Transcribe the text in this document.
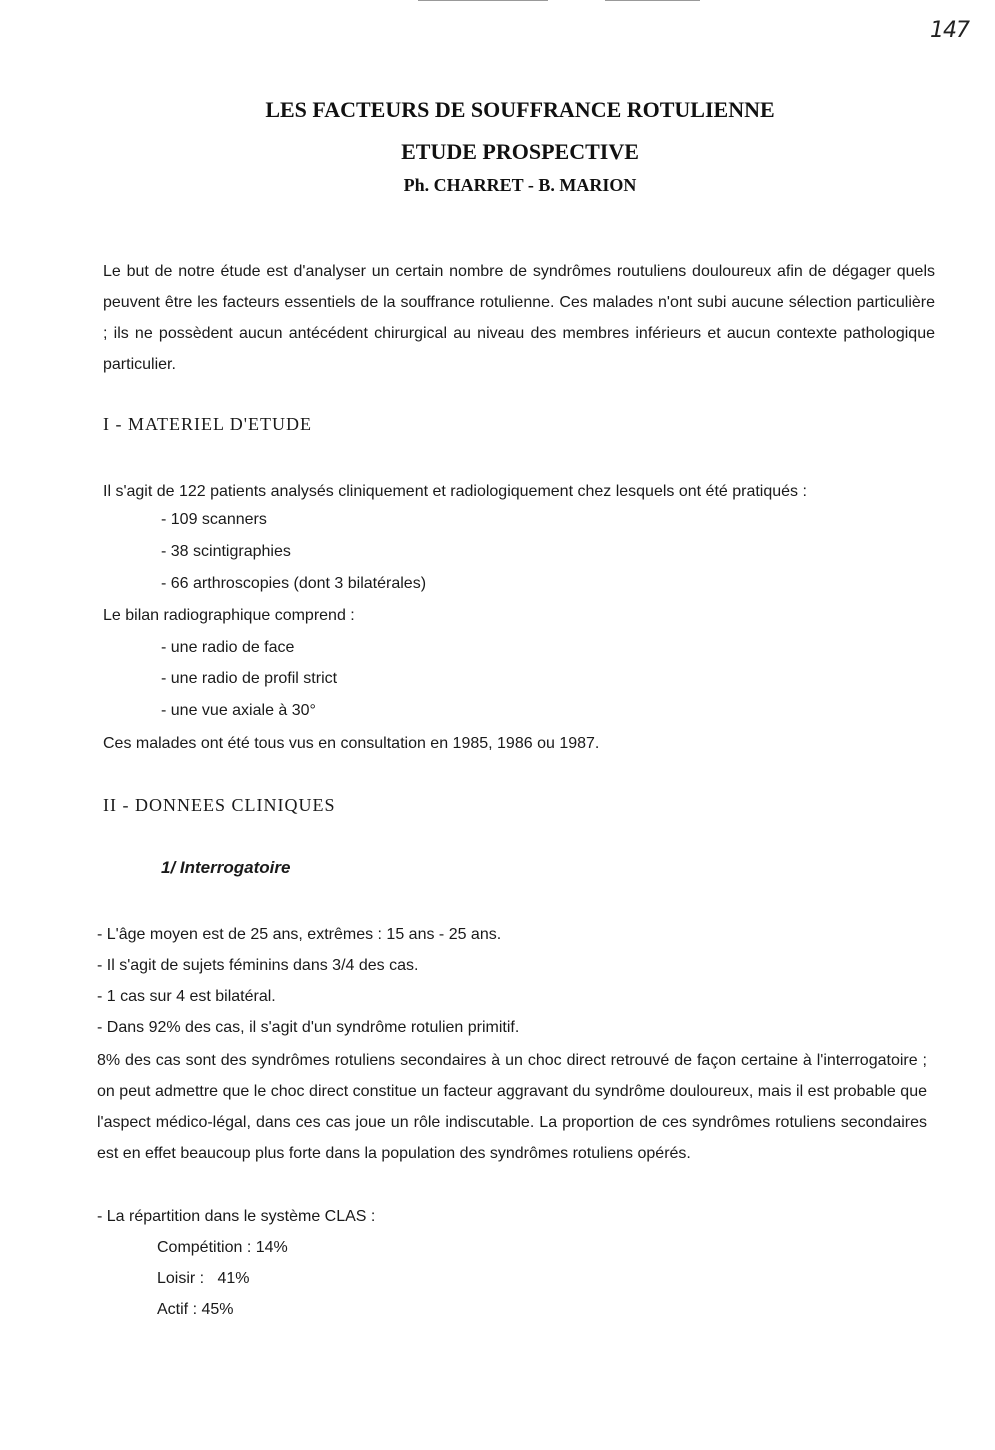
147
LES FACTEURS DE SOUFFRANCE ROTULIENNE
ETUDE PROSPECTIVE
Ph. CHARRET - B. MARION

Le but de notre étude est d'analyser un certain nombre de syndrômes routuliens douloureux afin de dégager quels peuvent être les facteurs essentiels de la souffrance rotulienne. Ces malades n'ont subi aucune sélection particulière ; ils ne possèdent aucun antécédent chirurgical au niveau des membres inférieurs et aucun contexte pathologique particulier.

I - MATERIEL D'ETUDE

Il s'agit de 122 patients analysés cliniquement et radiologiquement chez lesquels ont été pratiqués :

- 109 scanners
- 38 scintigraphies
- 66 arthroscopies (dont 3 bilatérales)

Le bilan radiographique comprend :

- une radio de face
- une radio de profil strict
- une vue axiale à 30°

Ces malades ont été tous vus en consultation en 1985, 1986 ou 1987.

II - DONNEES CLINIQUES
1/ Interrogatoire
- L'âge moyen est de 25 ans, extrêmes : 15 ans - 25 ans.
- Il s'agit de sujets féminins dans 3/4 des cas.
- 1 cas sur 4 est bilatéral.
- Dans 92% des cas, il s'agit d'un syndrôme rotulien primitif.

8% des cas sont des syndrômes rotuliens secondaires à un choc direct retrouvé de façon certaine à l'interrogatoire ; on peut admettre que le choc direct constitue un facteur aggravant du syndrôme douloureux, mais il est probable que l'aspect médico-légal, dans ces cas joue un rôle indiscutable. La proportion de ces syndrômes rotuliens secondaires est en effet beaucoup plus forte dans la population des syndrômes rotuliens opérés.

- La répartition dans le système CLAS :

Compétition : 14%
Loisir :   41%
Actif : 45%
